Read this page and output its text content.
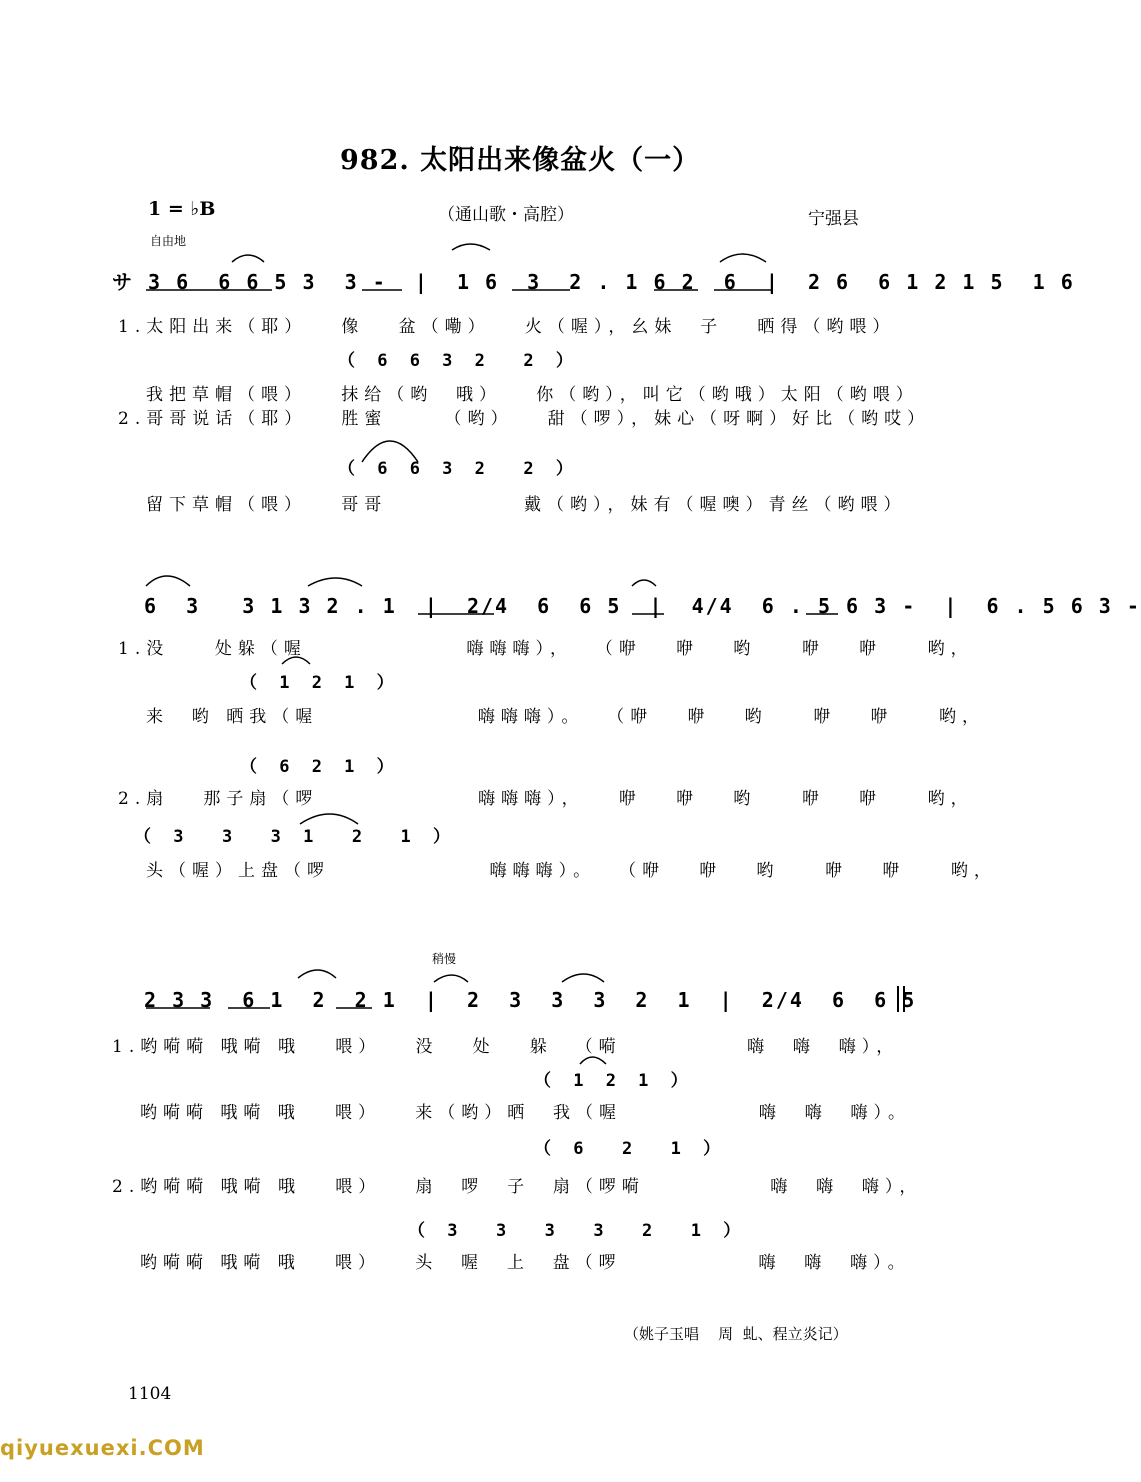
982. 太阳出来像盆火（一）
1 = ♭B	（通山歌・高腔）	宁强县
自由地
サ 3 6  6 6 5 3  3 -  |  1 6  3  2 . 1 6 2  6  |  2 6  6 1 2 1 5  1 6
1.太阳出来（耶）   像   盆（嘞）   火（喔），幺妹  子   晒得（哟喂）
（ 6 6 3 2  2 ）
我把草帽（喂）   抹给（哟  哦）   你（哟），叫它（哟哦）太阳（哟喂）
2.哥哥说话（耶）   胜蜜     （哟）   甜（啰），妹心（呀啊）好比（哟哎）
（ 6 6 3 2  2 ）
留下草帽（喂）   哥哥            戴（哟），妹有（喔噢）青丝（哟喂）
6  3   3 1 3 2 . 1  |  2/4  6  6 5  |  4/4  6 . 5 6 3 -  |  6 . 5 6 3 -
1.没    处躲（喔              嗨嗨嗨），  （咿   咿   哟    咿   咿    哟，
（ 1 2 1 ）
来  哟 晒我（喔              嗨嗨嗨）。  （咿   咿   哟    咿   咿    哟，
（ 6 2 1 ）
2.扇   那子扇（啰              嗨嗨嗨），   咿   咿   哟    咿   咿    哟，
（ 3  3  3 1  2  1 ）
头（喔）上盘（啰              嗨嗨嗨）。  （咿   咿   哟    咿   咿    哟，
稍慢
2 3 3  6 1  2  2 1  |  2  3  3  3  2  1  |  2/4  6  6 5
1.哟嗬嗬 哦嗬 哦   喂）   没   处   躲  （嗬           嗨  嗨  嗨），
（ 1 2 1 ）
哟嗬嗬 哦嗬 哦   喂）   来（哟）晒  我（喔            嗨  嗨  嗨）。
（ 6  2  1 ）
2.哟嗬嗬 哦嗬 哦   喂）   扇  啰  子  扇（啰嗬           嗨  嗨  嗨），
（ 3  3  3  3  2  1 ）
哟嗬嗬 哦嗬 哦   喂）   头  喔  上  盘（啰            嗨  嗨  嗨）。
（姚子玉唱    周  虬、程立炎记）
1104
qiyuexuexi.COM
